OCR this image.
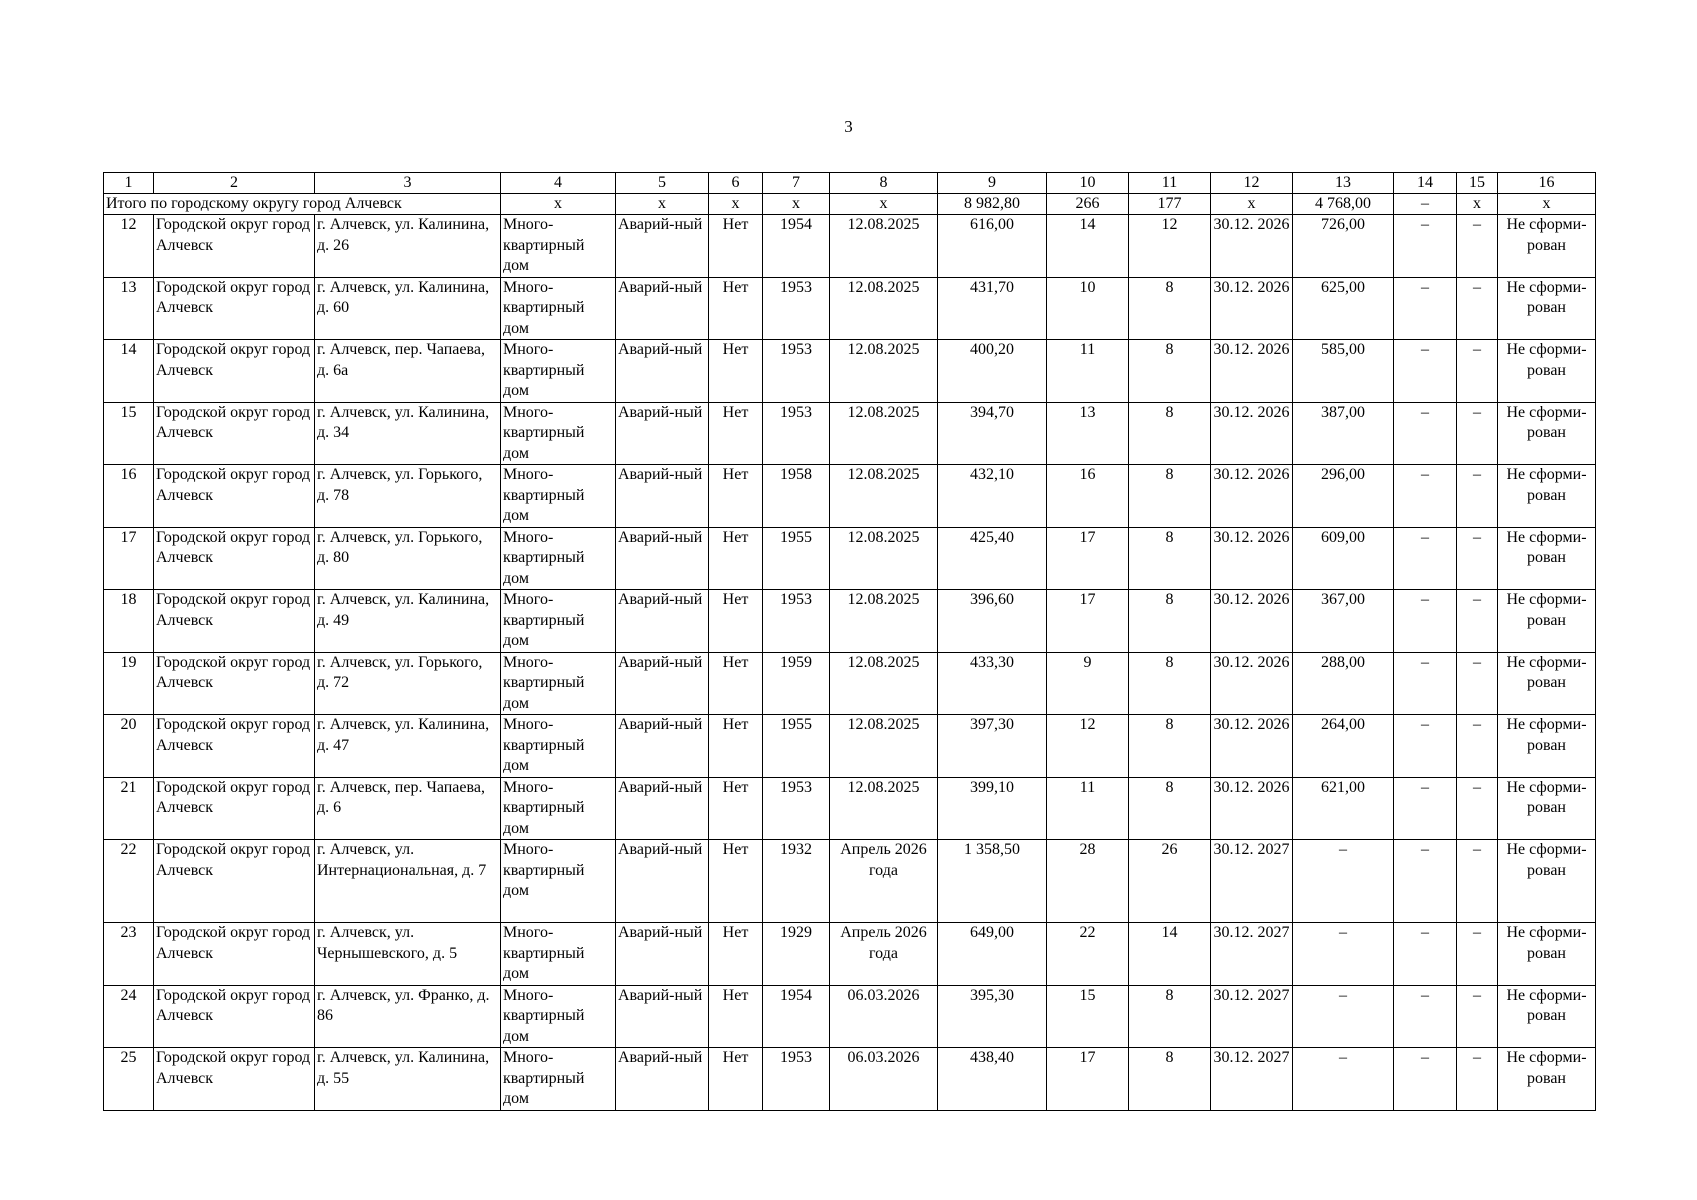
3
1	2	3	4	5	6	7	8	9	10	11	12	13	14	15	16
Итого по городскому округу город Алчевск			х	х	х	х	х	8 982,80	266	177	х	4 768,00	–	х	х
12	Городской округ город Алчевск	г. Алчевск, ул. Калинина, д. 26	Много-квартирный дом	Аварий-ный	Нет	1954	12.08.2025	616,00	14	12	30.12. 2026	726,00	–	–	Не сформи-рован
13	Городской округ город Алчевск	г. Алчевск, ул. Калинина, д. 60	Много-квартирный дом	Аварий-ный	Нет	1953	12.08.2025	431,70	10	8	30.12. 2026	625,00	–	–	Не сформи-рован
14	Городской округ город Алчевск	г. Алчевск, пер. Чапаева, д. 6а	Много-квартирный дом	Аварий-ный	Нет	1953	12.08.2025	400,20	11	8	30.12. 2026	585,00	–	–	Не сформи-рован
15	Городской округ город Алчевск	г. Алчевск, ул. Калинина, д. 34	Много-квартирный дом	Аварий-ный	Нет	1953	12.08.2025	394,70	13	8	30.12. 2026	387,00	–	–	Не сформи-рован
16	Городской округ город Алчевск	г. Алчевск, ул. Горького, д. 78	Много-квартирный дом	Аварий-ный	Нет	1958	12.08.2025	432,10	16	8	30.12. 2026	296,00	–	–	Не сформи-рован
17	Городской округ город Алчевск	г. Алчевск, ул. Горького, д. 80	Много-квартирный дом	Аварий-ный	Нет	1955	12.08.2025	425,40	17	8	30.12. 2026	609,00	–	–	Не сформи-рован
18	Городской округ город Алчевск	г. Алчевск, ул. Калинина, д. 49	Много-квартирный дом	Аварий-ный	Нет	1953	12.08.2025	396,60	17	8	30.12. 2026	367,00	–	–	Не сформи-рован
19	Городской округ город Алчевск	г. Алчевск, ул. Горького, д. 72	Много-квартирный дом	Аварий-ный	Нет	1959	12.08.2025	433,30	9	8	30.12. 2026	288,00	–	–	Не сформи-рован
20	Городской округ город Алчевск	г. Алчевск, ул. Калинина, д. 47	Много-квартирный дом	Аварий-ный	Нет	1955	12.08.2025	397,30	12	8	30.12. 2026	264,00	–	–	Не сформи-рован
21	Городской округ город Алчевск	г. Алчевск, пер. Чапаева, д. 6	Много-квартирный дом	Аварий-ный	Нет	1953	12.08.2025	399,10	11	8	30.12. 2026	621,00	–	–	Не сформи-рован
22	Городской округ город Алчевск	г. Алчевск, ул. Интернациональная, д. 7	Много-квартирный дом	Аварий-ный	Нет	1932	Апрель 2026 года	1 358,50	28	26	30.12. 2027	–	–	–	Не сформи-рован
23	Городской округ город Алчевск	г. Алчевск, ул. Чернышевского, д. 5	Много-квартирный дом	Аварий-ный	Нет	1929	Апрель 2026 года	649,00	22	14	30.12. 2027	–	–	–	Не сформи-рован
24	Городской округ город Алчевск	г. Алчевск, ул. Франко, д. 86	Много-квартирный дом	Аварий-ный	Нет	1954	06.03.2026	395,30	15	8	30.12. 2027	–	–	–	Не сформи-рован
25	Городской округ город Алчевск	г. Алчевск, ул. Калинина, д. 55	Много-квартирный дом	Аварий-ный	Нет	1953	06.03.2026	438,40	17	8	30.12. 2027	–	–	–	Не сформи-рован
